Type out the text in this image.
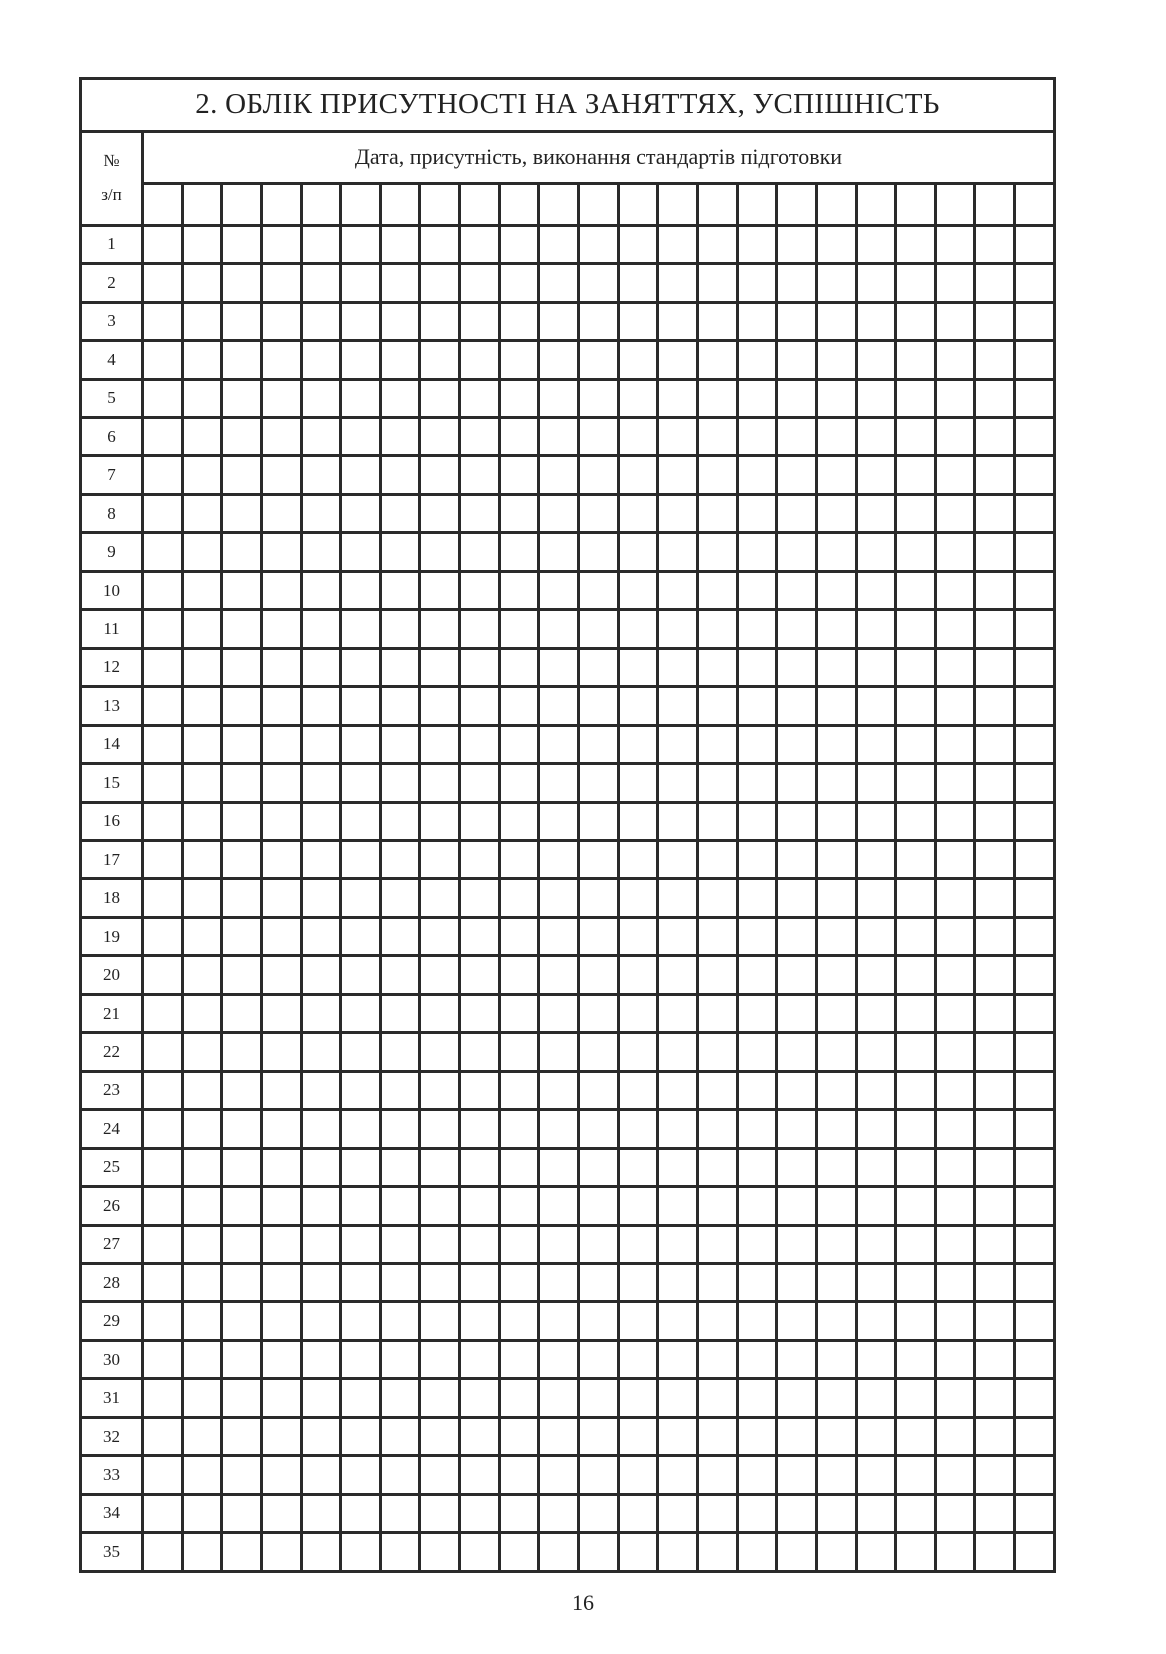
2. ОБЛІК ПРИСУТНОСТІ НА ЗАНЯТТЯХ, УСПІШНІСТЬ																							
№
з/п	Дата, присутність, виконання стандартів підготовки																						

1																							
2																							
3																							
4																							
5																							
6																							
7																							
8																							
9																							
10																							
11																							
12																							
13																							
14																							
15																							
16																							
17																							
18																							
19																							
20																							
21																							
22																							
23																							
24																							
25																							
26																							
27																							
28																							
29																							
30																							
31																							
32																							
33																							
34																							
35																							
16
